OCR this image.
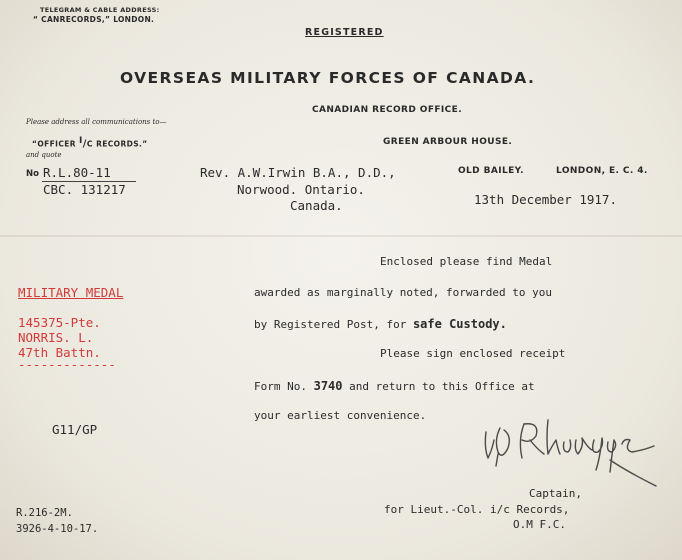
TELEGRAM & CABLE ADDRESS:
“ CANRECORDS,” LONDON.
REGISTERED
OVERSEAS MILITARY FORCES OF CANADA.
CANADIAN RECORD OFFICE.
GREEN ARBOUR HOUSE.
Please address all communications to—
“OFFICER $^I$/C RECORDS.”
and quote
No R.L.80-11
CBC. 131217
Rev. A.W.Irwin B.A., D.D.,
Norwood. Ontario.
Canada.
OLD BAILEY.	LONDON, E. C. 4.
13th December 1917.
MILITARY MEDAL
145375-Pte.
NORRIS. L.
47th Battn.
-------------
Enclosed please find Medal
awarded as marginally noted, forwarded to you
by Registered Post, for safe Custody.
Please sign enclosed receipt
Form No. 3740 and return to this Office at
your earliest convenience.
G11/GP
R.216-2M.
3926-4-10-17.
Captain,
for Lieut.-Col. i/c Records,
O.M F.C.
